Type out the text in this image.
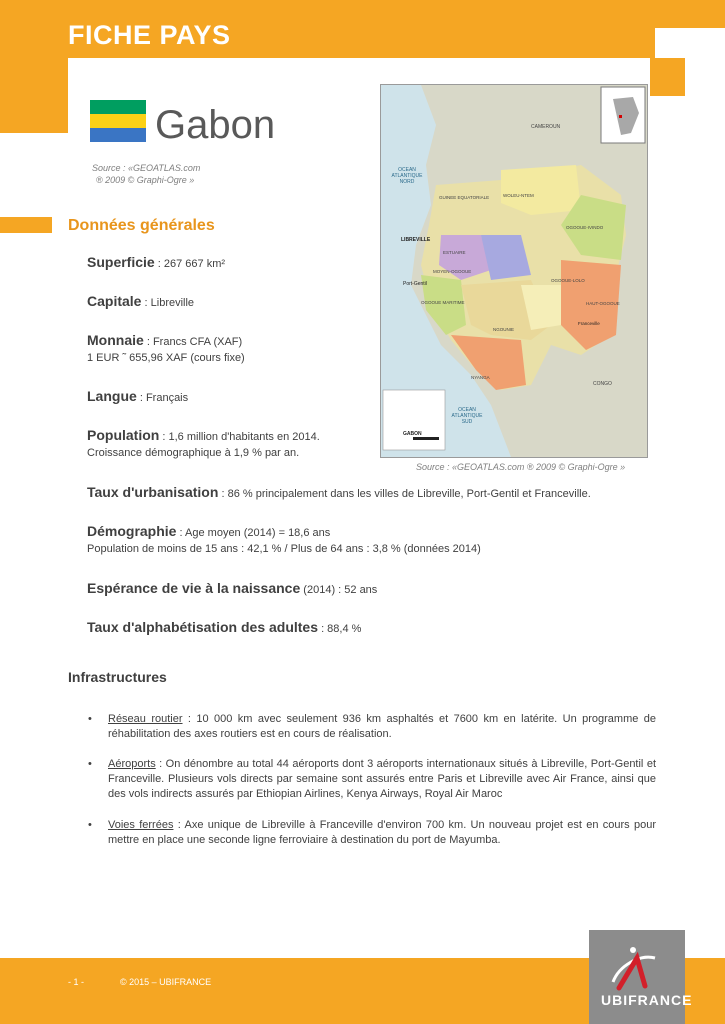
FICHE PAYS
Gabon
Source : «GEOATLAS.com
® 2009 © Graphi-Ogre »
Données générales
Superficie : 267 667 km²
Capitale : Libreville
Monnaie : Francs CFA (XAF)
1 EUR ˜ 655,96 XAF (cours fixe)
Langue : Français
Population : 1,6 million d'habitants en 2014.
Croissance démographique à 1,9 % par an.
Taux d'urbanisation : 86 % principalement dans les villes de Libreville, Port-Gentil et Franceville.
Démographie : Age moyen (2014) = 18,6 ans
Population de moins de 15 ans : 42,1 % / Plus de 64 ans : 3,8 % (données 2014)
Espérance de vie à la naissance (2014) : 52 ans
Taux d'alphabétisation des adultes : 88,4 %
CAMEROUN
OCEAN ATLANTIQUE NORD
GUINEE EQUATORIALE	WOLEU-NTEM
OGOOUE-IVINDO
LIBREVILLE
ESTUAIRE
MOYEN-OGOOUE
OGOOUE-LOLO
HAUT-OGOOUE
OGOOUE MARITIME
Port-Gentil
NGOUNIE
Franceville
NYANGA
CONGO
OCEAN ATLANTIQUE SUD
GABON
Source : «GEOATLAS.com ® 2009 © Graphi-Ogre »
Infrastructures
• Réseau routier : 10 000 km avec seulement 936 km asphaltés et 7600 km en latérite. Un programme de réhabilitation des axes routiers est en cours de réalisation.
• Aéroports : On dénombre au total 44 aéroports dont 3 aéroports internationaux situés à Libreville, Port-Gentil et Franceville. Plusieurs vols directs par semaine sont assurés entre Paris et Libreville avec Air France, ainsi que des vols indirects assurés par Ethiopian Airlines, Kenya Airways, Royal Air Maroc
• Voies ferrées : Axe unique de Libreville à Franceville d'environ 700 km. Un nouveau projet est en cours pour mettre en place une seconde ligne ferroviaire à destination du port de Mayumba.
- 1 -	© 2015 – UBIFRANCE
UBIFRANCE
